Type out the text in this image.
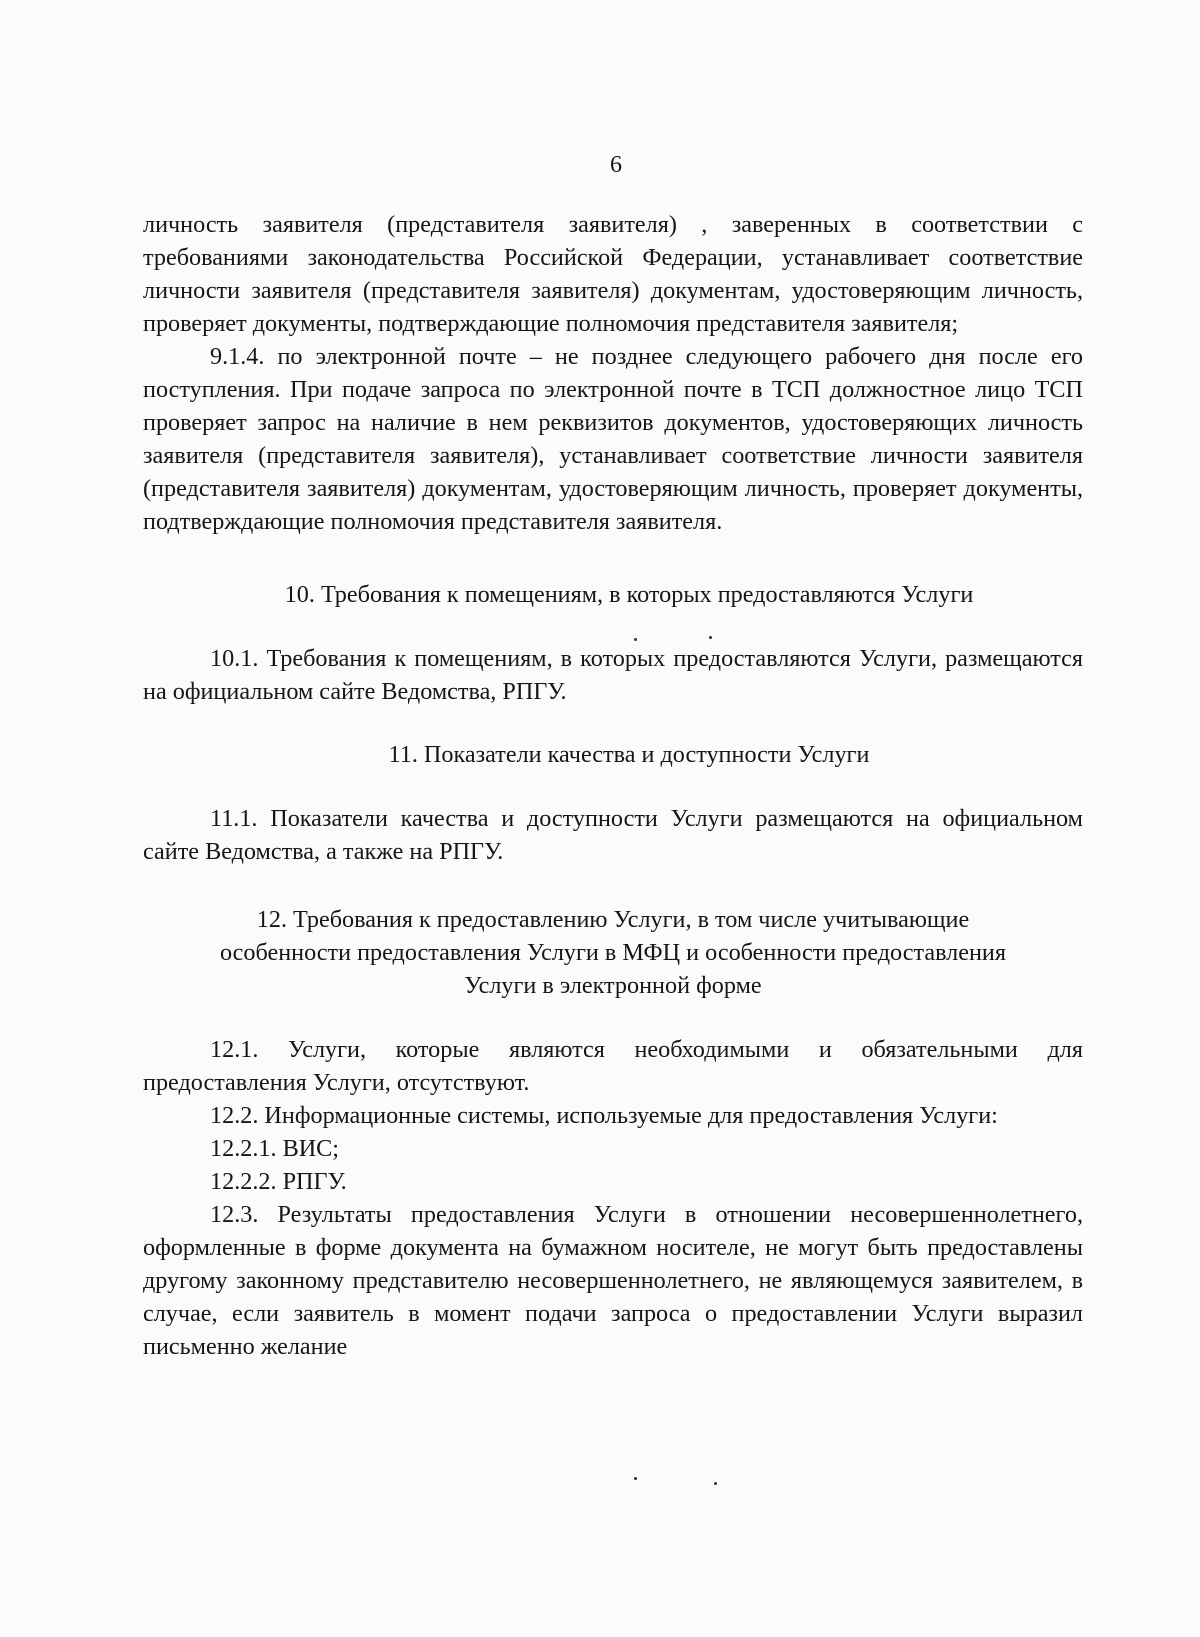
6

личность заявителя (представителя заявителя) , заверенных в соответствии с требованиями законодательства Российской Федерации, устанавливает соответствие личности заявителя (представителя заявителя) документам, удостоверяющим личность, проверяет документы, подтверждающие полномочия представителя заявителя;

9.1.4. по электронной почте – не позднее следующего рабочего дня после его поступления. При подаче запроса по электронной почте в ТСП должностное лицо ТСП проверяет запрос на наличие в нем реквизитов документов, удостоверяющих личность заявителя (представителя заявителя), устанавливает соответствие личности заявителя (представителя заявителя) документам, удостоверяющим личность, проверяет документы, подтверждающие полномочия представителя заявителя.

10. Требования к помещениям, в которых предоставляются Услуги

10.1. Требования к помещениям, в которых предоставляются Услуги, размещаются на официальном сайте Ведомства, РПГУ.

11. Показатели качества и доступности Услуги

11.1. Показатели качества и доступности Услуги размещаются на официальном сайте Ведомства, а также на РПГУ.

12. Требования к предоставлению Услуги, в том числе учитывающие
особенности предоставления Услуги в МФЦ и особенности предоставления
Услуги в электронной форме

12.1. Услуги, которые являются необходимыми и обязательными для предоставления Услуги, отсутствуют.

12.2. Информационные системы, используемые для предоставления Услуги:

12.2.1. ВИС;

12.2.2. РПГУ.

12.3. Результаты предоставления Услуги в отношении несовершеннолетнего, оформленные в форме документа на бумажном носителе, не могут быть предоставлены другому законному представителю несовершеннолетнего, не являющемуся заявителем, в случае, если заявитель в момент подачи запроса о предоставлении Услуги выразил письменно желание
